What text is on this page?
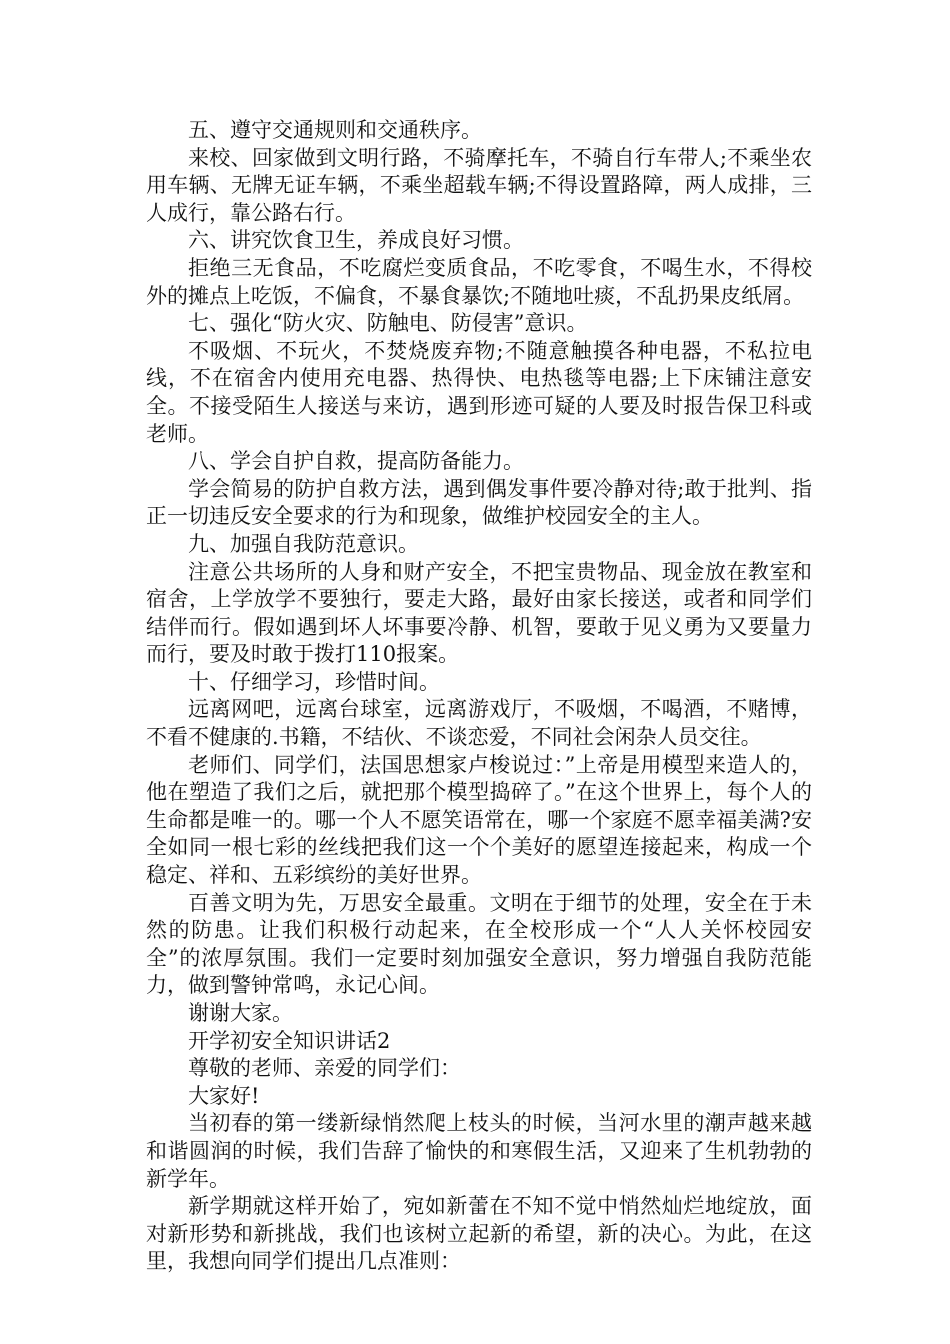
五、遵守交通规则和交通秩序。

来校、回家做到文明行路，不骑摩托车，不骑自行车带人;不乘坐农用车辆、无牌无证车辆，不乘坐超载车辆;不得设置路障，两人成排，三人成行，靠公路右行。

六、讲究饮食卫生，养成良好习惯。

拒绝三无食品，不吃腐烂变质食品，不吃零食，不喝生水，不得校外的摊点上吃饭，不偏食，不暴食暴饮;不随地吐痰，不乱扔果皮纸屑。

七、强化“防火灾、防触电、防侵害”意识。

不吸烟、不玩火，不焚烧废弃物;不随意触摸各种电器，不私拉电线，不在宿舍内使用充电器、热得快、电热毯等电器;上下床铺注意安全。不接受陌生人接送与来访，遇到形迹可疑的人要及时报告保卫科或老师。

八、学会自护自救，提高防备能力。

学会简易的防护自救方法，遇到偶发事件要冷静对待;敢于批判、指正一切违反安全要求的行为和现象，做维护校园安全的主人。

九、加强自我防范意识。

注意公共场所的人身和财产安全，不把宝贵物品、现金放在教室和宿舍，上学放学不要独行，要走大路，最好由家长接送，或者和同学们结伴而行。假如遇到坏人坏事要冷静、机智，要敢于见义勇为又要量力而行，要及时敢于拨打110报案。

十、仔细学习，珍惜时间。

远离网吧，远离台球室，远离游戏厅，不吸烟，不喝酒，不赌博，不看不健康的.书籍，不结伙、不谈恋爱，不同社会闲杂人员交往。

老师们、同学们，法国思想家卢梭说过：”上帝是用模型来造人的，他在塑造了我们之后，就把那个模型捣碎了。”在这个世界上，每个人的生命都是唯一的。哪一个人不愿笑语常在，哪一个家庭不愿幸福美满?安全如同一根七彩的丝线把我们这一个个美好的愿望连接起来，构成一个稳定、祥和、五彩缤纷的美好世界。

百善文明为先，万思安全最重。文明在于细节的处理，安全在于未然的防患。让我们积极行动起来，在全校形成一个“人人关怀校园安全”的浓厚氛围。我们一定要时刻加强安全意识，努力增强自我防范能力，做到警钟常鸣，永记心间。

谢谢大家。

开学初安全知识讲话2

尊敬的老师、亲爱的同学们：

大家好!

当初春的第一缕新绿悄然爬上枝头的时候，当河水里的潮声越来越和谐圆润的时候，我们告辞了愉快的和寒假生活，又迎来了生机勃勃的新学年。

新学期就这样开始了，宛如新蕾在不知不觉中悄然灿烂地绽放，面对新形势和新挑战，我们也该树立起新的希望，新的决心。为此，在这里，我想向同学们提出几点准则：
